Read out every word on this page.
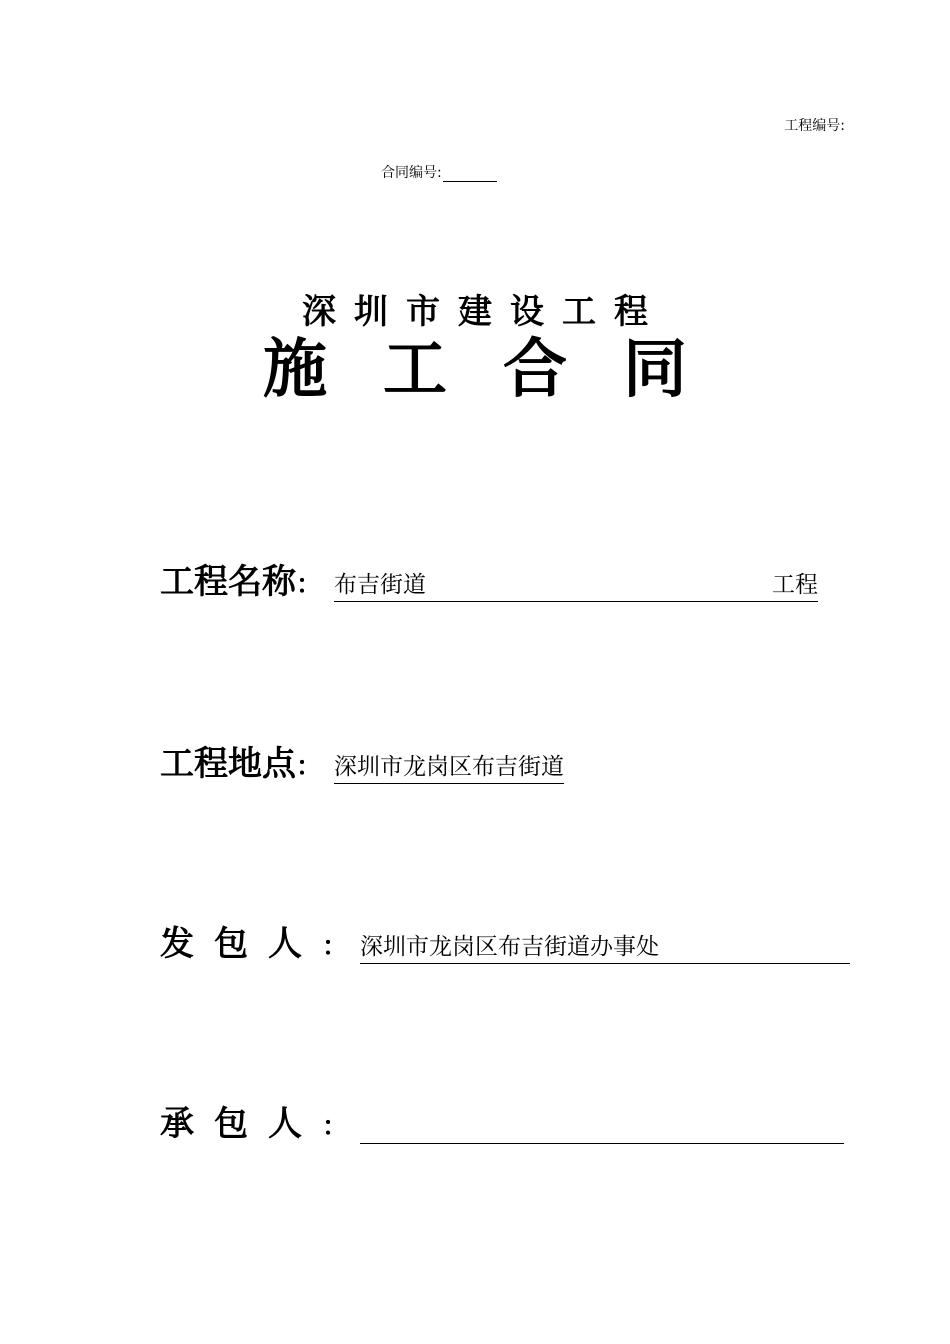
工程编号:
合同编号:
深圳市建设工程
施工合同
工程名称 ： 布吉街道	工程
工程地点 ： 深圳市龙岗区布吉街道
发包人 ： 深圳市龙岗区布吉街道办事处
承包人 ：
